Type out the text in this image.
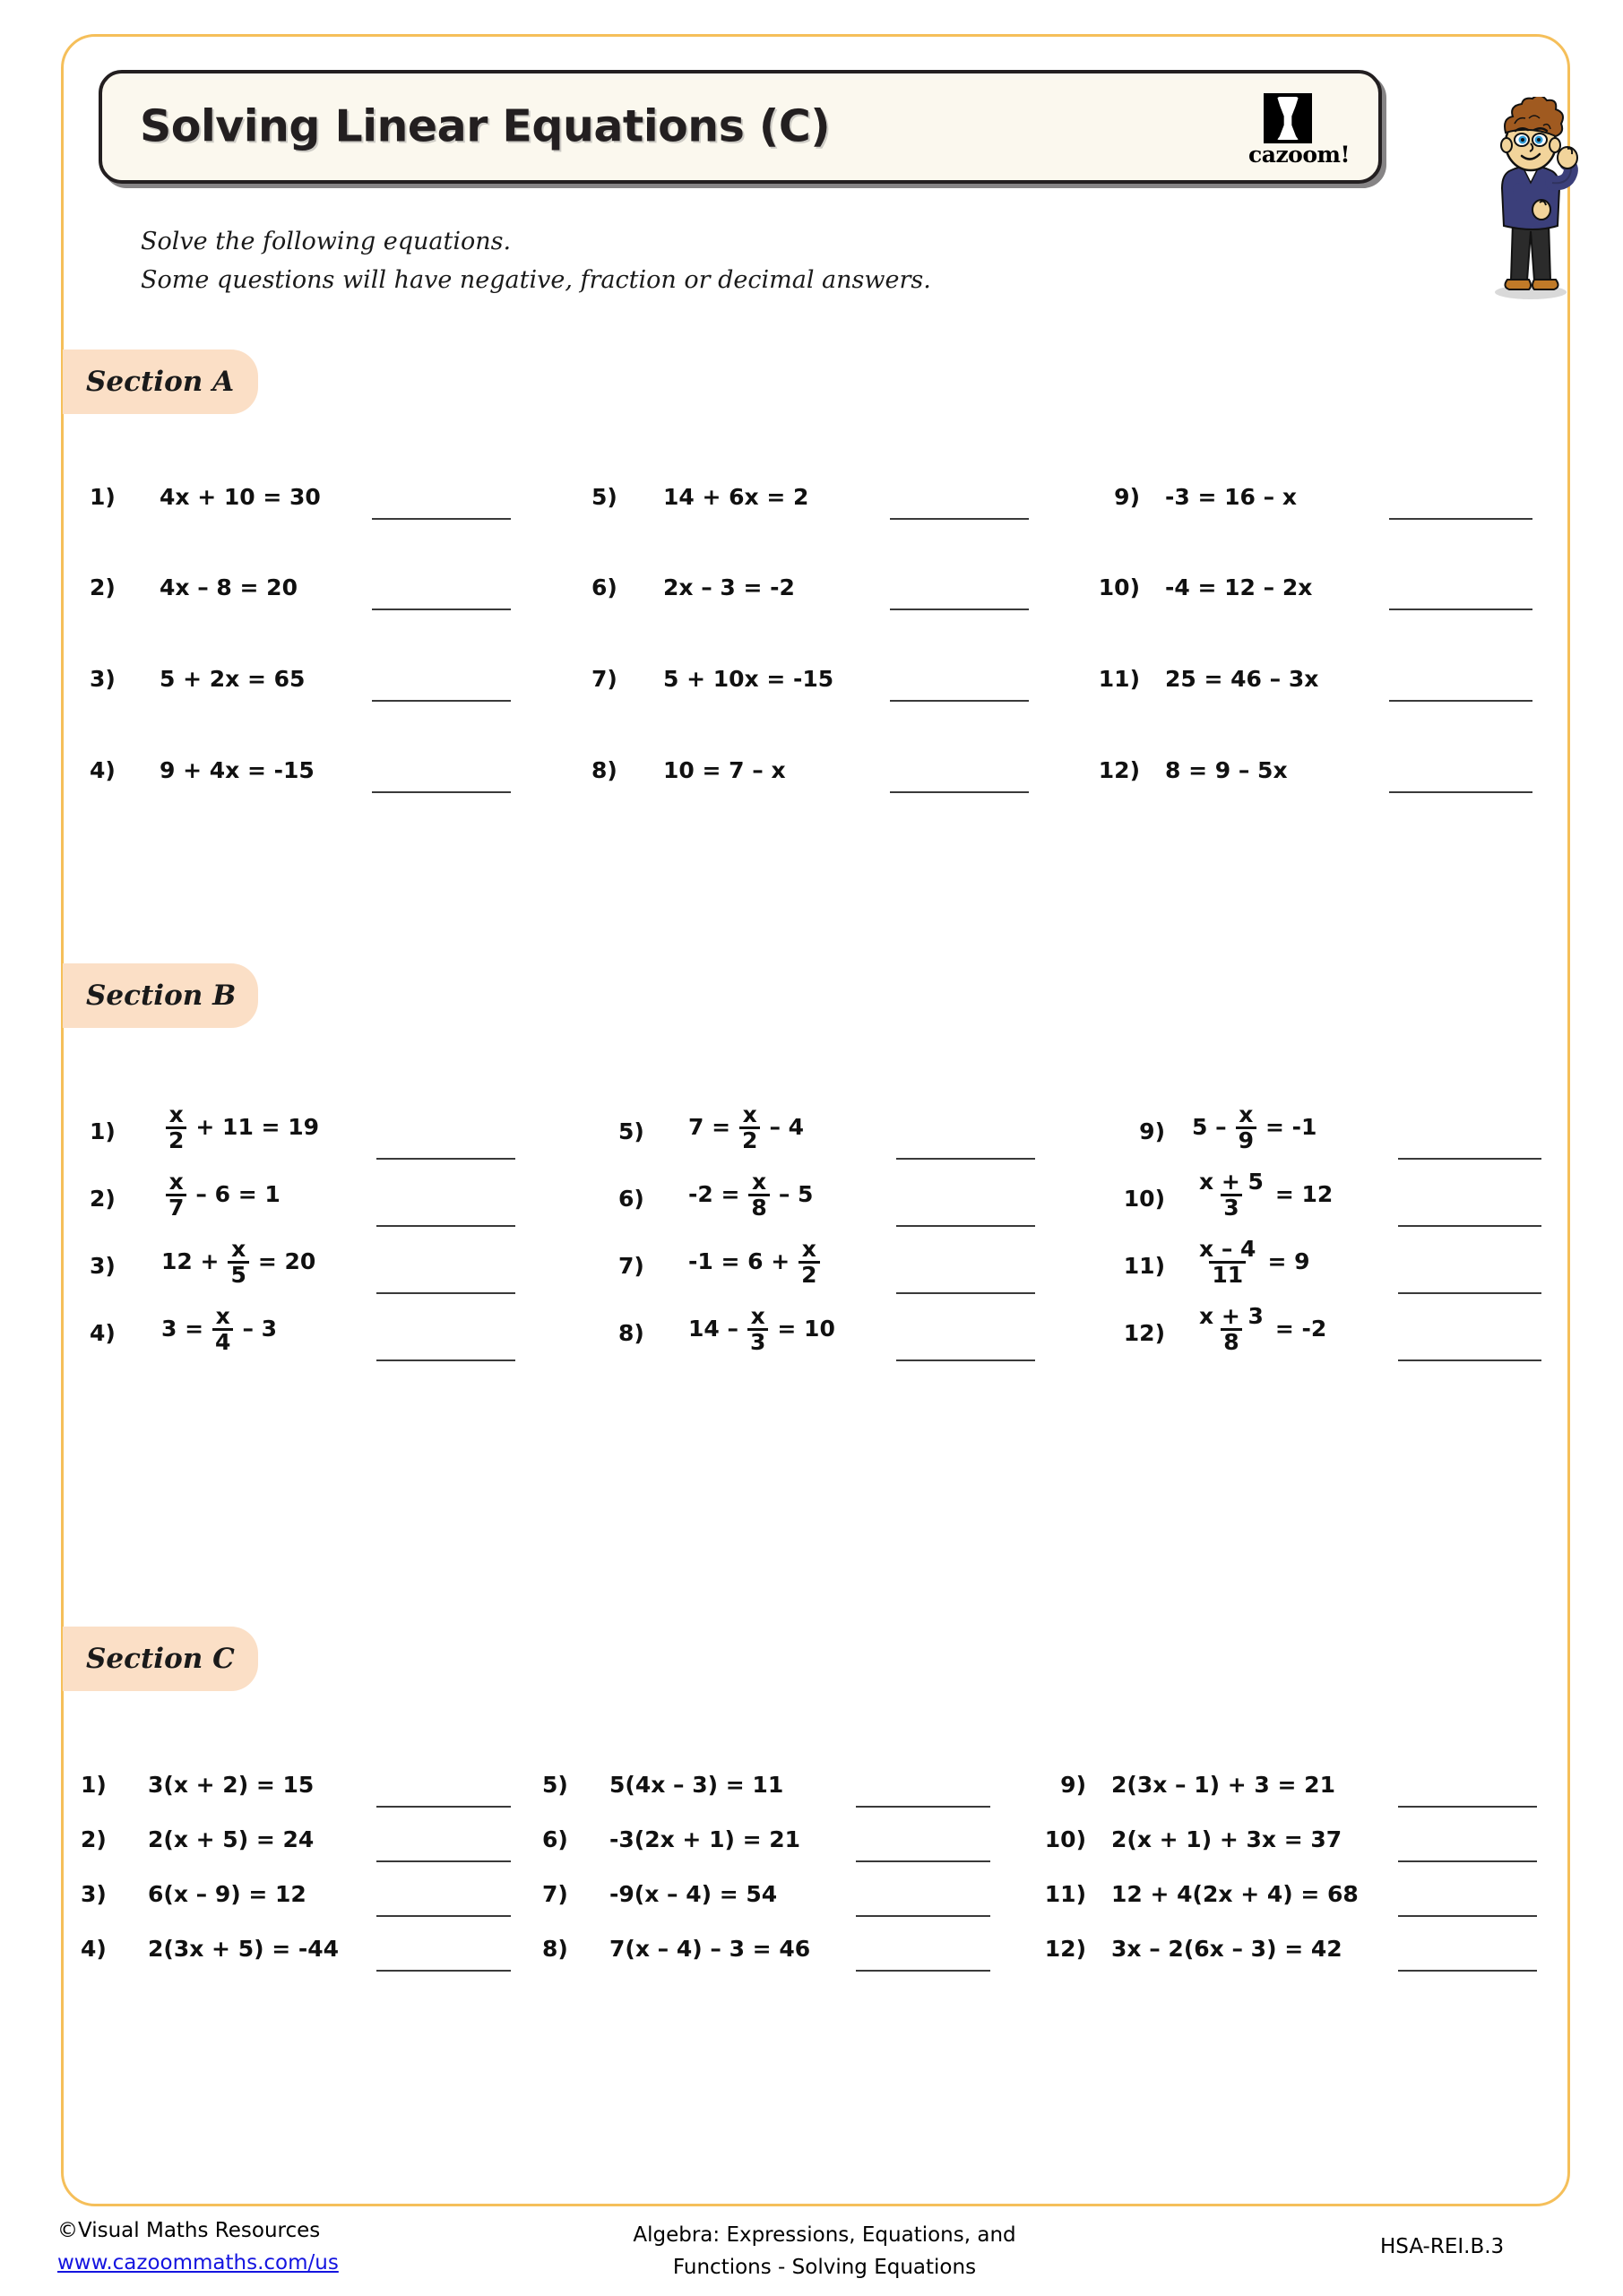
Solving Linear Equations (C)
cazoom!
Solve the following equations.
Some questions will have negative, fraction or decimal answers.
Section A
Section B
Section C
1)	4x + 10 = 30
2)	4x – 8 = 20
3)	5 + 2x = 65
4)	9 + 4x = -15
5)	14 + 6x = 2
6)	2x – 3 = -2
7)	5 + 10x = -15
8)	10 = 7 – x
9) -3 = 16 – x
10) -4 = 12 – 2x
11) 25 = 46 – 3x
12) 8 = 9 – 5x
1)	$\frac{x}{2} + 11 = 19$
2)	$\frac{x}{7} - 6 = 1$
3)	$12 + \frac{x}{5} = 20$
4)	$3 = \frac{x}{4} - 3$
5)	$7 = \frac{x}{2} - 4$
6)	$-2 = \frac{x}{8} - 5$
7)	$-1 = 6 + \frac{x}{2}$
8)	$14 - \frac{x}{3} = 10$
9) $5 - \frac{x}{9} = -1$
$10) \frac{x + 5}{3} = 12$
$11) \frac{x - 4}{11} = 9$
$12) \frac{x + 3}{8} = -2$
1)	3(x + 2) = 15
2)	2(x + 5) = 24
3)	6(x – 9) = 12
4)	2(3x + 5) = -44
5)	5(4x – 3) = 11
6)	-3(2x + 1) = 21
7)	-9(x – 4) = 54
8)	7(x – 4) – 3 = 46
9) 2(3x – 1) + 3 = 21
10) 2(x + 1) + 3x = 37
11) 12 + 4(2x + 4) = 68
12) 3x – 2(6x – 3) = 42
©Visual Maths Resources
www.cazoommaths.com/us
Algebra: Expressions, Equations, and
Functions - Solving Equations
HSA-REI.B.3
